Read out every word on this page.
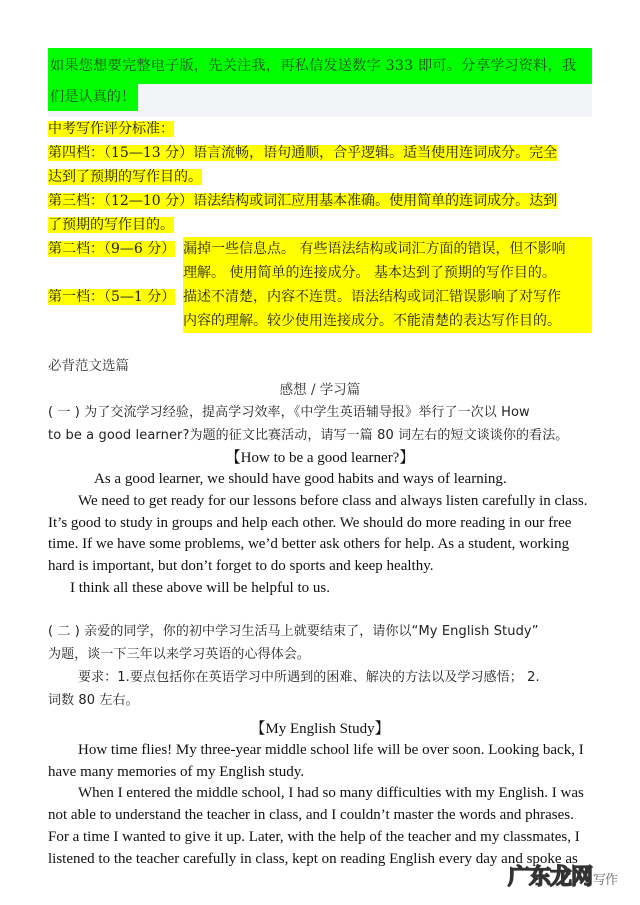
如果您想要完整电子版，先关注我，再私信发送数字 333 即可。分享学习资料，我
们是认真的！
中考写作评分标准：
第四档：（15—13 分）语言流畅，语句通顺，合乎逻辑。适当使用连词成分。完全
达到了预期的写作目的。
第三档：（12—10 分）语法结构或词汇应用基本准确。使用简单的连词成分。达到
了预期的写作目的。
第二档：（9—6 分） 漏掉一些信息点。 有些语法结构或词汇方面的错误，但不影响
理解。 使用简单的连接成分。 基本达到了预期的写作目的。
第一档：（5—1 分） 描述不清楚，内容不连贯。语法结构或词汇错误影响了对写作
内容的理解。较少使用连接成分。不能清楚的表达写作目的。
必背范文选篇
感想 / 学习篇
( 一 ) 为了交流学习经验，提高学习效率，《中学生英语辅导报》举行了一次以 How
to be a good learner?为题的征文比赛活动，请写一篇 80 词左右的短文谈谈你的看法。
【How to be a good learner?】

As a good learner, we should have good habits and ways of learning.

We need to get ready for our lessons before class and always listen carefully in class. It’s good to study in groups and help each other. We should do more reading in our free time. If we have some problems, we’d better ask others for help. As a student, working hard is important, but don’t forget to do sports and keep healthy.

I think all these above will be helpful to us.

( 二 ) 亲爱的同学，你的初中学习生活马上就要结束了，请你以“My English Study”
为题，谈一下三年以来学习英语的心得体会。
要求：1.要点包括你在英语学习中所遇到的困难、解决的方法以及学习感悟； 2.
词数 80 左右。
【My English Study】

How time flies! My three-year middle school life will be over soon. Looking back, I have many memories of my English study.

When I entered the middle school, I had so many difficulties with my English. I was not able to understand the teacher in class, and I couldn’t master the words and phrases. For a time I wanted to give it up. Later, with the help of the teacher and my classmates, I listened to the teacher carefully in class, kept on reading English every day and spoke as

广东龙网写作
